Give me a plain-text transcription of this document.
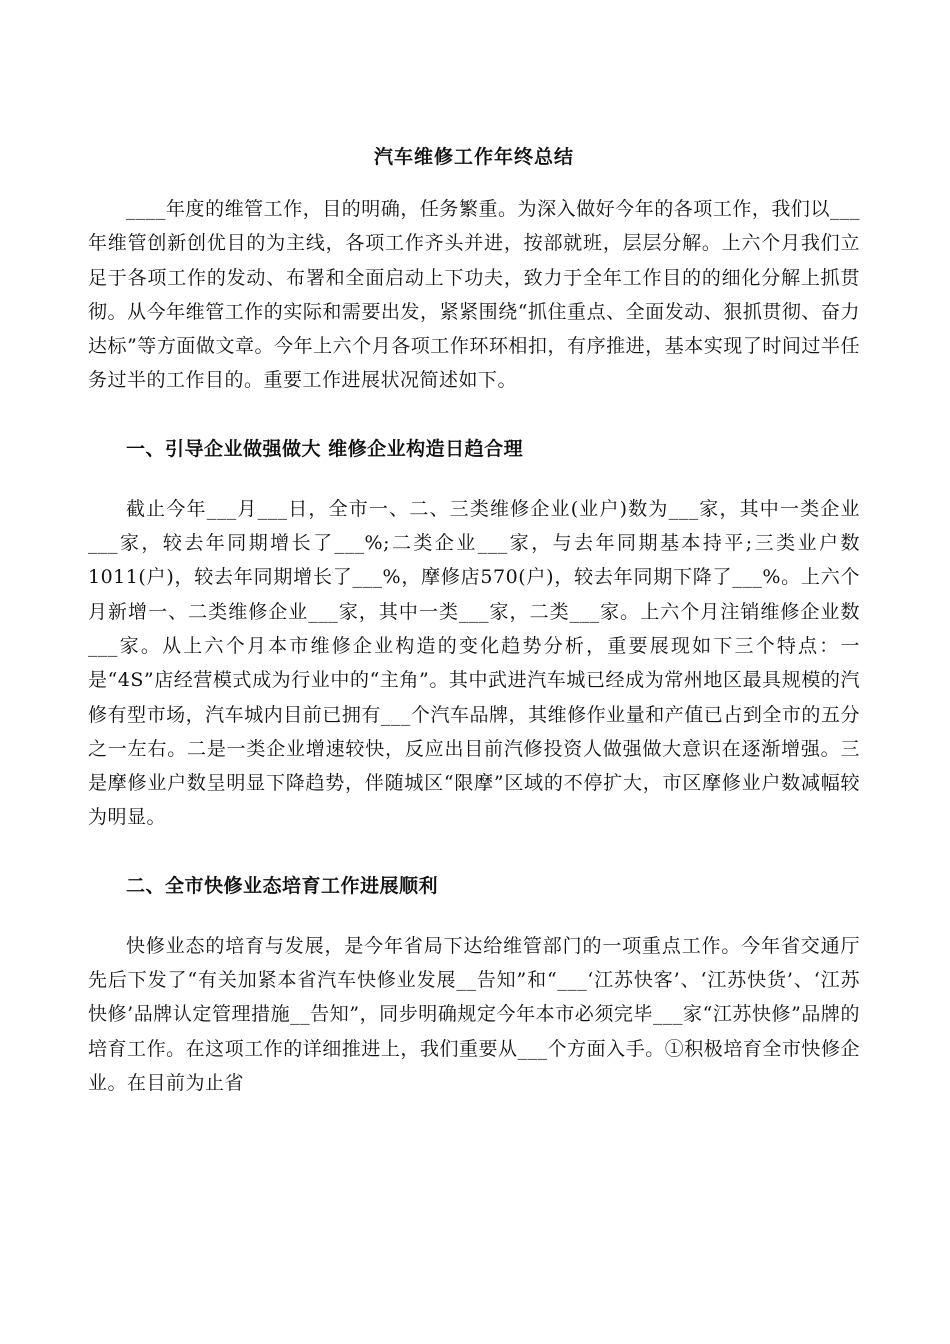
汽车维修工作年终总结

____年度的维管工作，目的明确，任务繁重。为深入做好今年的各项工作，我们以___年维管创新创优目的为主线，各项工作齐头并进，按部就班，层层分解。上六个月我们立足于各项工作的发动、布署和全面启动上下功夫，致力于全年工作目的的细化分解上抓贯彻。从今年维管工作的实际和需要出发，紧紧围绕“抓住重点、全面发动、狠抓贯彻、奋力达标”等方面做文章。今年上六个月各项工作环环相扣，有序推进，基本实现了时间过半任务过半的工作目的。重要工作进展状况简述如下。

一、引导企业做强做大 维修企业构造日趋合理

截止今年___月___日，全市一、二、三类维修企业(业户)数为___家，其中一类企业___家，较去年同期增长了___%;二类企业___家，与去年同期基本持平;三类业户数1011(户)，较去年同期增长了___%，摩修店570(户)，较去年同期下降了___%。上六个月新增一、二类维修企业___家，其中一类___家，二类___家。上六个月注销维修企业数___家。从上六个月本市维修企业构造的变化趋势分析，重要展现如下三个特点：一是“4S”店经营模式成为行业中的“主角”。其中武进汽车城已经成为常州地区最具规模的汽修有型市场，汽车城内目前已拥有___个汽车品牌，其维修作业量和产值已占到全市的五分之一左右。二是一类企业增速较快，反应出目前汽修投资人做强做大意识在逐渐增强。三是摩修业户数呈明显下降趋势，伴随城区“限摩”区域的不停扩大，市区摩修业户数减幅较为明显。

二、全市快修业态培育工作进展顺利

快修业态的培育与发展，是今年省局下达给维管部门的一项重点工作。今年省交通厅先后下发了“有关加紧本省汽车快修业发展__告知”和“___‘江苏快客’、‘江苏快货’、‘江苏快修’品牌认定管理措施__告知”，同步明确规定今年本市必须完毕___家“江苏快修”品牌的培育工作。在这项工作的详细推进上，我们重要从___个方面入手。①积极培育全市快修企业。在目前为止省
